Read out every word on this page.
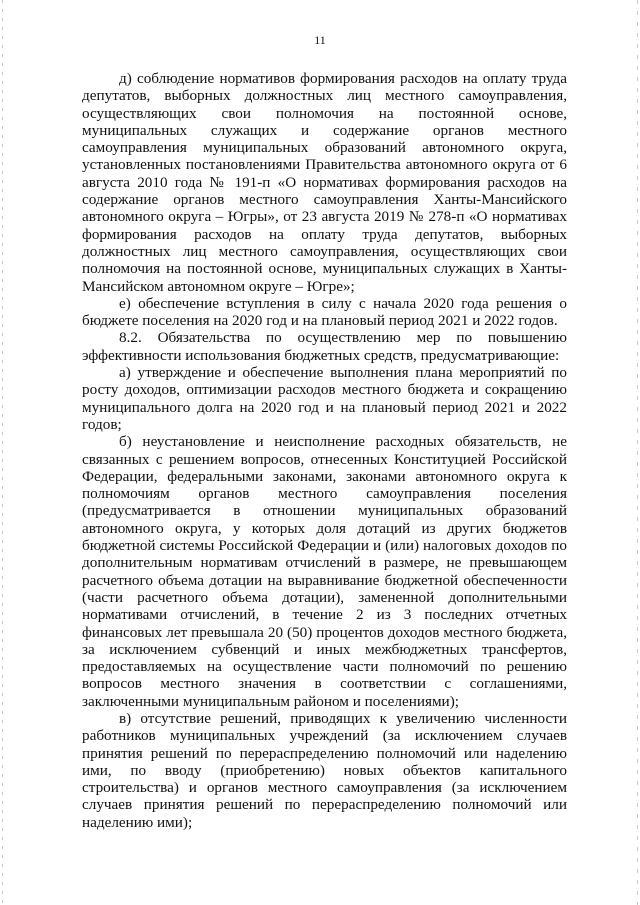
11

д) соблюдение нормативов формирования расходов на оплату труда депутатов, выборных должностных лиц местного самоуправления, осуществляющих свои полномочия на постоянной основе, муниципальных служащих и содержание органов местного самоуправления муниципальных образований автономного округа, установленных постановлениями Правительства автономного округа от 6 августа 2010 года № 191-п «О нормативах формирования расходов на содержание органов местного самоуправления Ханты-Мансийского автономного округа – Югры», от 23 августа 2019 № 278-п «О нормативах формирования расходов на оплату труда депутатов, выборных должностных лиц местного самоуправления, осуществляющих свои полномочия на постоянной основе, муниципальных служащих в Ханты-Мансийском автономном округе – Югре»;

е) обеспечение вступления в силу с начала 2020 года решения о бюджете поселения на 2020 год и на плановый период 2021 и 2022 годов.

8.2. Обязательства по осуществлению мер по повышению эффективности использования бюджетных средств, предусматривающие:

а) утверждение и обеспечение выполнения плана мероприятий по росту доходов, оптимизации расходов местного бюджета и сокращению муниципального долга на 2020 год и на плановый период 2021 и 2022 годов;

б) неустановление и неисполнение расходных обязательств, не связанных с решением вопросов, отнесенных Конституцией Российской Федерации, федеральными законами, законами автономного округа к полномочиям органов местного самоуправления поселения (предусматривается в отношении муниципальных образований автономного округа, у которых доля дотаций из других бюджетов бюджетной системы Российской Федерации и (или) налоговых доходов по дополнительным нормативам отчислений в размере, не превышающем расчетного объема дотации на выравнивание бюджетной обеспеченности (части расчетного объема дотации), замененной дополнительными нормативами отчислений, в течение 2 из 3 последних отчетных финансовых лет превышала 20 (50) процентов доходов местного бюджета, за исключением субвенций и иных межбюджетных трансфертов, предоставляемых на осуществление части полномочий по решению вопросов местного значения в соответствии с соглашениями, заключенными муниципальным районом и поселениями);

в) отсутствие решений, приводящих к увеличению численности работников муниципальных учреждений (за исключением случаев принятия решений по перераспределению полномочий или наделению ими, по вводу (приобретению) новых объектов капитального строительства) и органов местного самоуправления (за исключением случаев принятия решений по перераспределению полномочий или наделению ими);
